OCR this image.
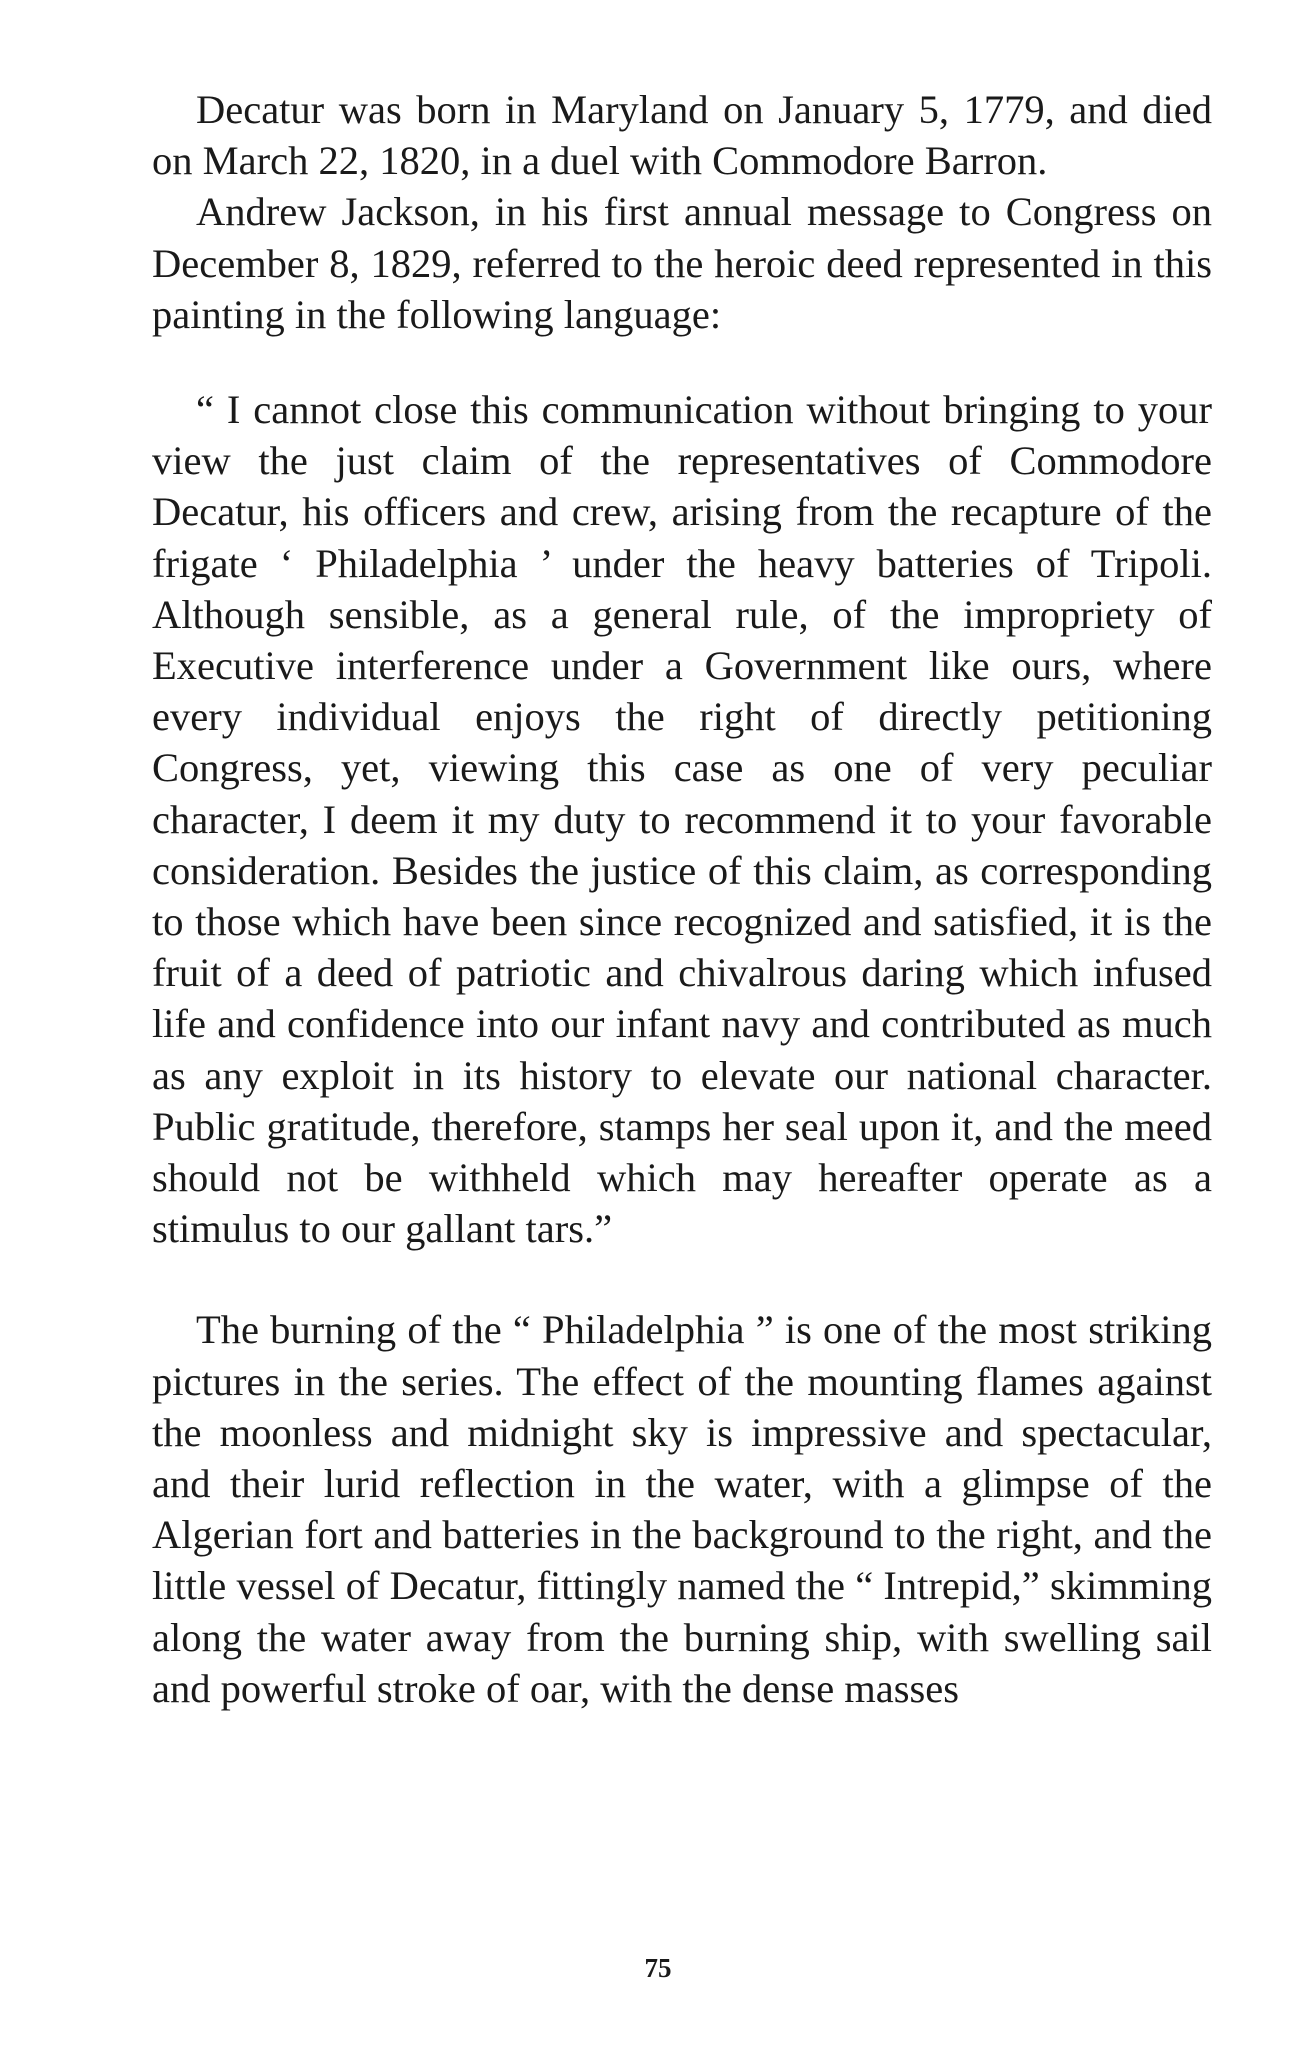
Decatur was born in Maryland on January 5, 1779, and died on March 22, 1820, in a duel with Commodore Barron.

Andrew Jackson, in his first annual message to Congress on December 8, 1829, referred to the heroic deed represented in this painting in the following language:

“ I cannot close this communication without bringing to your view the just claim of the representatives of Commodore Decatur, his officers and crew, arising from the recapture of the frigate ‘ Philadelphia ’ under the heavy batteries of Tripoli. Although sensible, as a general rule, of the impropriety of Executive interference under a Government like ours, where every individual enjoys the right of directly petitioning Congress, yet, viewing this case as one of very peculiar character, I deem it my duty to recommend it to your favorable consideration. Besides the justice of this claim, as corresponding to those which have been since recognized and satisfied, it is the fruit of a deed of patriotic and chivalrous daring which infused life and confidence into our infant navy and contributed as much as any exploit in its history to elevate our national character. Public gratitude, therefore, stamps her seal upon it, and the meed should not be withheld which may hereafter operate as a stimulus to our gallant tars.”

The burning of the “ Philadelphia ” is one of the most striking pictures in the series. The effect of the mounting flames against the moonless and midnight sky is impressive and spectacular, and their lurid reflection in the water, with a glimpse of the Algerian fort and batteries in the background to the right, and the little vessel of Decatur, fittingly named the “ Intrepid,” skimming along the water away from the burning ship, with swelling sail and powerful stroke of oar, with the dense masses

75
